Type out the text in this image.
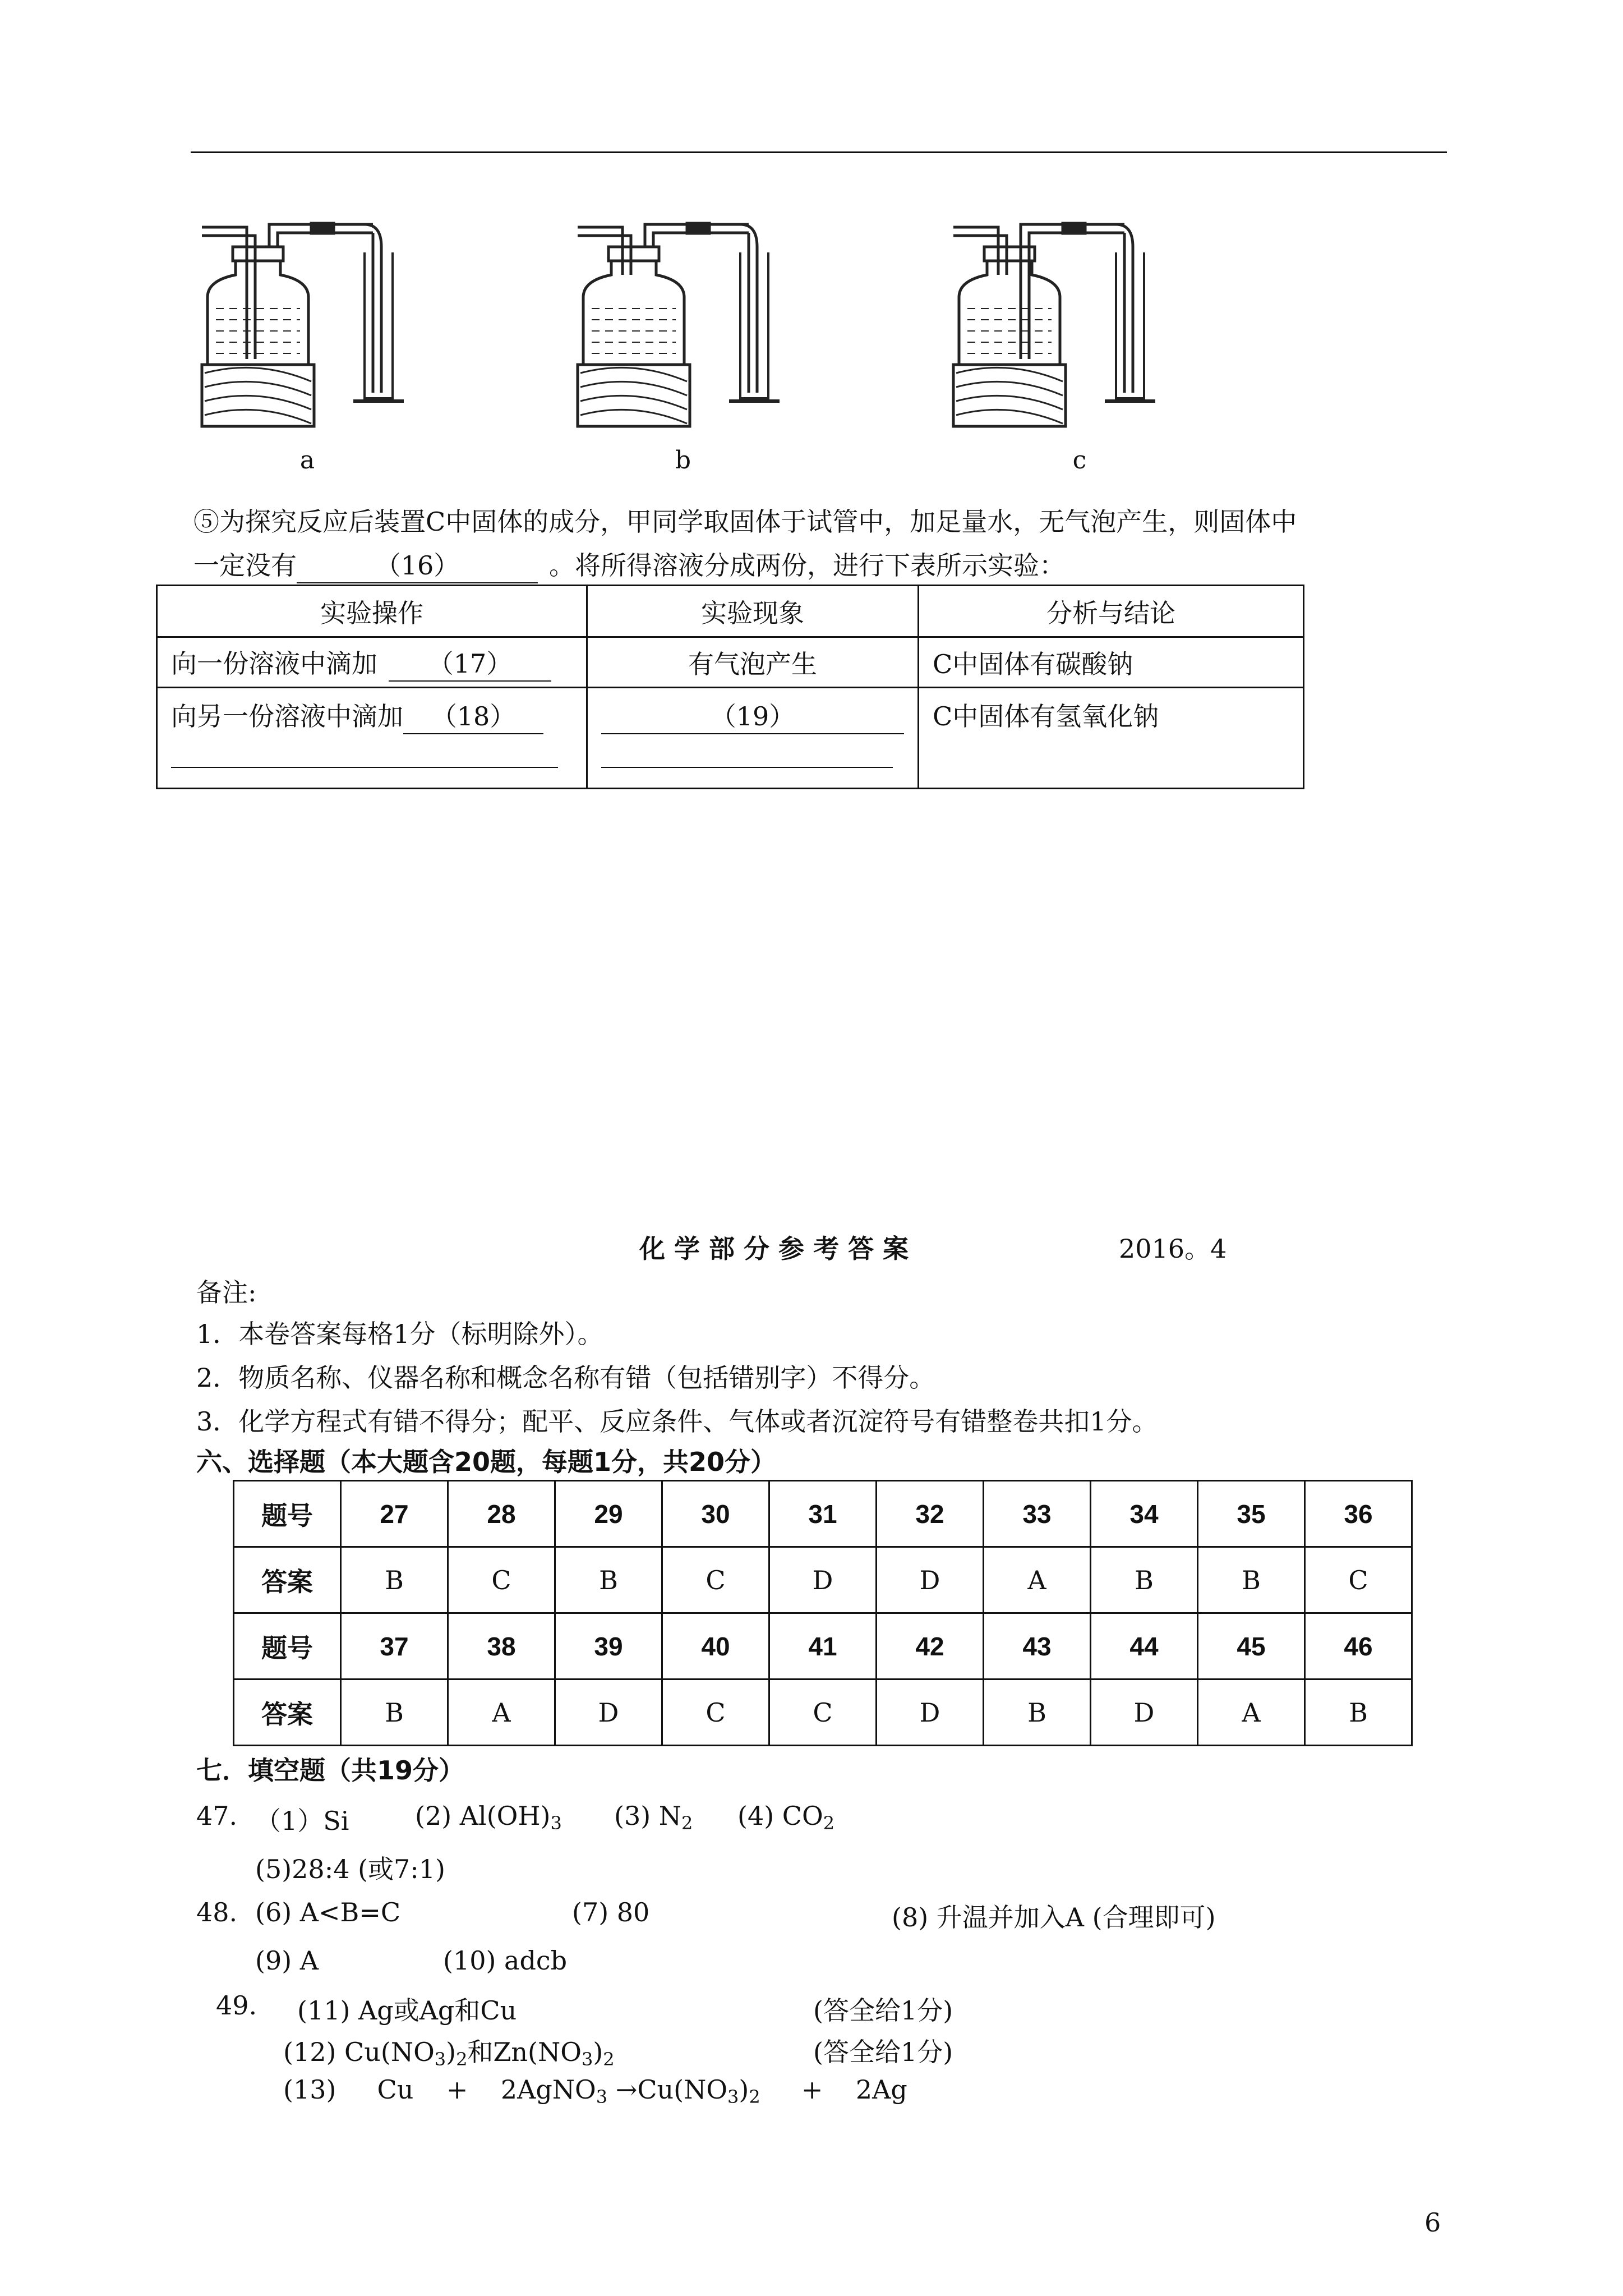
a	b	c
⑤为探究反应后装置C中固体的成分，甲同学取固体于试管中，加足量水，无气泡产生，则固体中
一定没有	（16）	。将所得溶液分成两份，进行下表所示实验：
实验操作	实验现象	分析与结论
向一份溶液中滴加 （17）	有气泡产生	C中固体有碳酸钠
向另一份溶液中滴加 （18）	（19）	C中固体有氢氧化钠
化 学 部 分 参 考 答 案	2016。4
备注:
1．本卷答案每格1分（标明除外）。
2．物质名称、仪器名称和概念名称有错（包括错别字）不得分。
3．化学方程式有错不得分；配平、反应条件、气体或者沉淀符号有错整卷共扣1分。
六、选择题（本大题含20题，每题1分，共20分）
题号	27	28	29	30	31	32	33	34	35	36
答案	B	C	B	C	D	D	A	B	B	C
题号	37	38	39	40	41	42	43	44	45	46
答案	B	A	D	C	C	D	B	D	A	B
七．填空题（共19分）
47. （1）Si	(2) $Al(OH)_3$ (3) $N_2$ (4) $CO_2$
(5)28:4 (或7:1)
48. (6) A<B=C	(7) 80	(8) 升温并加入A (合理即可)
(9) A	(10) adcb
49. (11) Ag或Ag和Cu	(答全给1分)
(12) $Cu(NO_3)_2$和$Zn(NO_3)_2$	(答全给1分)
(13)     Cu    +    2AgNO$_3$ $\to Cu(NO_3)_2$     +    2Ag
6
